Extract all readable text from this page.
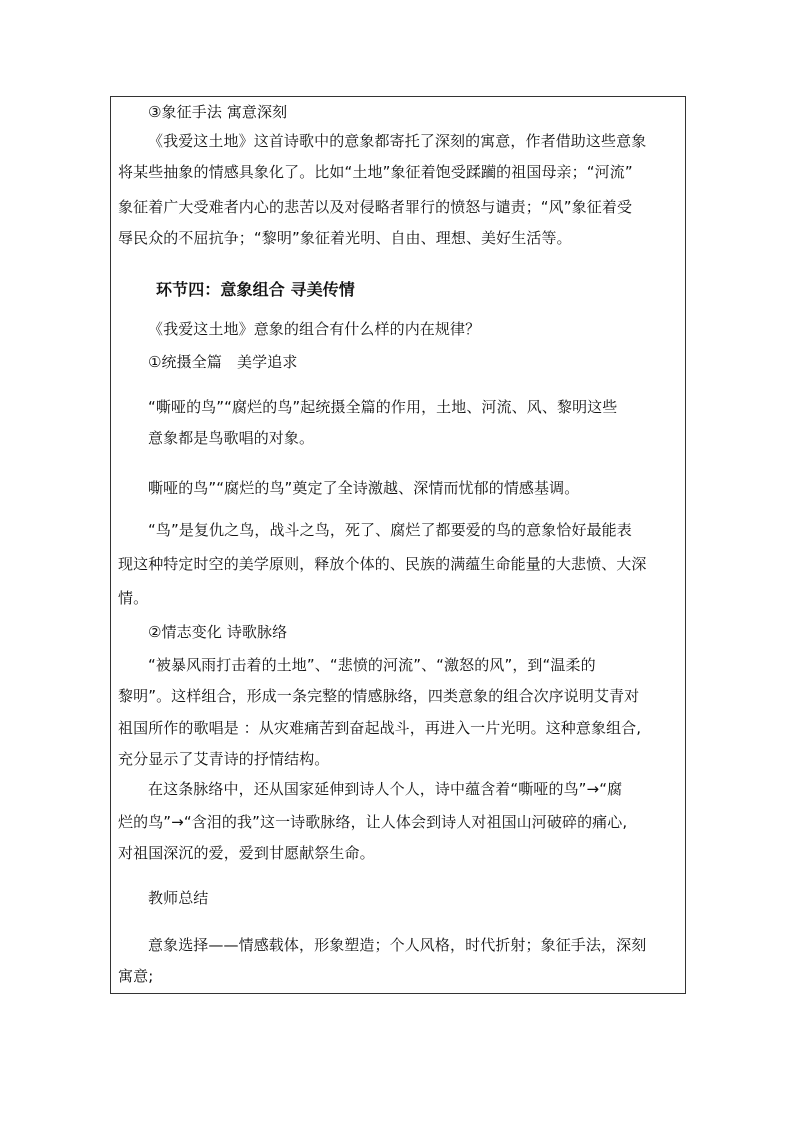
③象征手法 寓意深刻
《我爱这土地》这首诗歌中的意象都寄托了深刻的寓意，作者借助这些意象
将某些抽象的情感具象化了。比如“土地”象征着饱受蹂躏的祖国母亲；“河流”
象征着广大受难者内心的悲苦以及对侵略者罪行的愤怒与谴责；“风”象征着受
辱民众的不屈抗争；“黎明”象征着光明、自由、理想、美好生活等。
环节四：意象组合 寻美传情
《我爱这土地》意象的组合有什么样的内在规律？
①统摄全篇　美学追求
“嘶哑的鸟”“腐烂的鸟”起统摄全篇的作用，土地、河流、风、黎明这些
意象都是鸟歌唱的对象。
嘶哑的鸟”“腐烂的鸟”奠定了全诗激越、深情而忧郁的情感基调。
“鸟”是复仇之鸟，战斗之鸟，死了、腐烂了都要爱的鸟的意象恰好最能表
现这种特定时空的美学原则，释放个体的、民族的满蕴生命能量的大悲愤、大深
情。
②情志变化 诗歌脉络
“被暴风雨打击着的土地”、“悲愤的河流”、“激怒的风”，到“温柔的
黎明”。这样组合，形成一条完整的情感脉络，四类意象的组合次序说明艾青对
祖国所作的歌唱是 ：从灾难痛苦到奋起战斗，再进入一片光明。这种意象组合,
充分显示了艾青诗的抒情结构。
在这条脉络中，还从国家延伸到诗人个人，诗中蕴含着“嘶哑的鸟”→“腐
烂的鸟”→“含泪的我”这一诗歌脉络，让人体会到诗人对祖国山河破碎的痛心,
对祖国深沉的爱，爱到甘愿献祭生命。
教师总结
意象选择——情感载体，形象塑造；个人风格，时代折射；象征手法，深刻
寓意;
